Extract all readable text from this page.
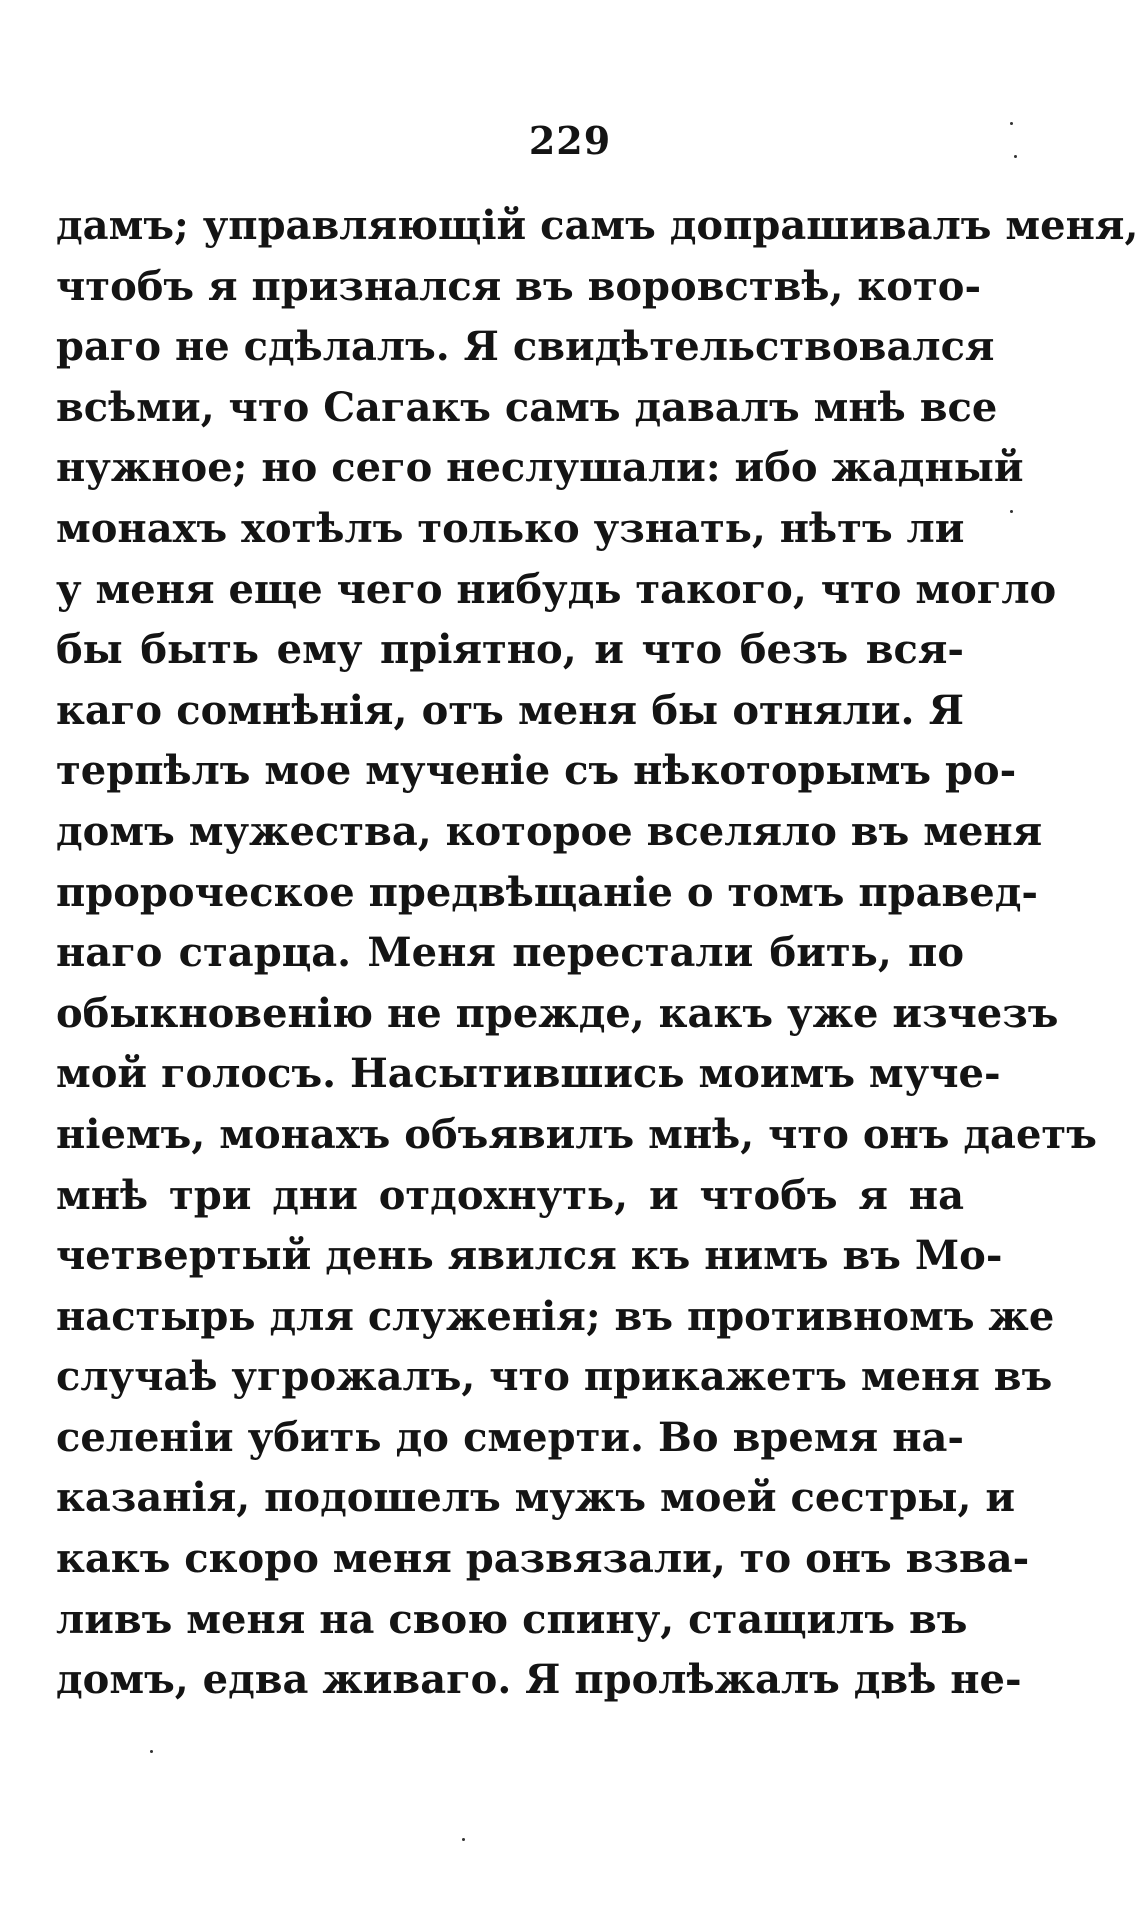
229
дамъ; управляющій самъ допрашивалъ меня,
чтобъ я признался въ воровствѣ, кото-
раго не сдѣлалъ. Я свидѣтельствовался
всѣми, что Сагакъ самъ давалъ мнѣ все
нужное; но сего неслушали: ибо жадный
монахъ хотѣлъ только узнать, нѣтъ ли
у меня еще чего нибудь такого, что могло
бы быть ему пріятно, и что безъ вся-
каго сомнѣнія, отъ меня бы отняли. Я
терпѣлъ мое мученіе съ нѣкоторымъ ро-
домъ мужества, которое вселяло въ меня
пророческое предвѣщаніе о томъ правед-
наго старца. Меня перестали бить, по
обыкновенію не прежде, какъ уже изчезъ
мой голосъ. Насытившись моимъ муче-
ніемъ, монахъ объявилъ мнѣ, что онъ даетъ
мнѣ три дни отдохнуть, и чтобъ я на
четвертый день явился къ нимъ въ Мо-
настырь для служенія; въ противномъ же
случаѣ угрожалъ, что прикажетъ меня въ
селеніи убить до смерти. Во время на-
казанія, подошелъ мужъ моей сестры, и
какъ скоро меня развязали, то онъ взва-
ливъ меня на свою спину, стащилъ въ
домъ, едва живаго. Я пролѣжалъ двѣ не-
